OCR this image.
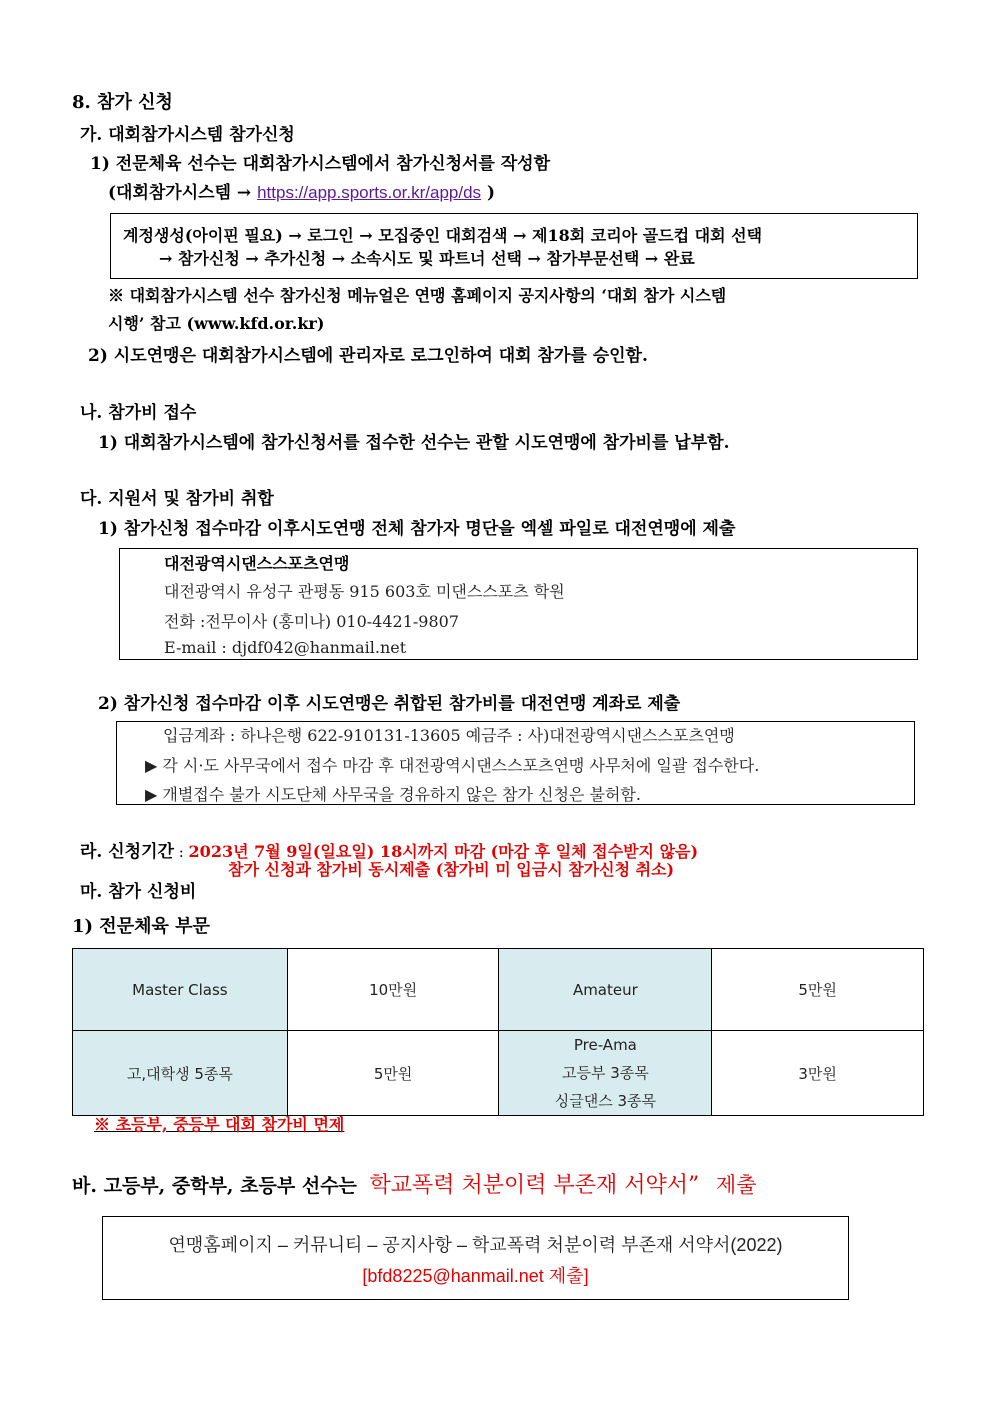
8. 참가 신청
가. 대회참가시스템 참가신청
1) 전문체육 선수는 대회참가시스템에서 참가신청서를 작성함
(대회참가시스템 → https://app.sports.or.kr/app/ds )
계정생성(아이핀 필요) → 로그인 → 모집중인 대회검색 → 제18회 코리아 골드컵 대회 선택
→ 참가신청 → 추가신청 → 소속시도 및 파트너 선택 → 참가부문선택 → 완료
※ 대회참가시스템 선수 참가신청 메뉴얼은 연맹 홈페이지 공지사항의 ‘대회 참가 시스템
시행’ 참고 (www.kfd.or.kr)
2) 시도연맹은 대회참가시스템에 관리자로 로그인하여 대회 참가를 승인함.
나. 참가비 접수
1) 대회참가시스템에 참가신청서를 접수한 선수는 관할 시도연맹에 참가비를 납부함.
다. 지원서 및 참가비 취합
1) 참가신청 접수마감 이후시도연맹 전체 참가자 명단을 엑셀 파일로 대전연맹에 제출
대전광역시댄스스포츠연맹
대전광역시 유성구 관평동 915 603호 미댄스스포츠 학원
전화 :전무이사 (홍미나) 010-4421-9807
E-mail : djdf042@hanmail.net
2) 참가신청 접수마감 이후 시도연맹은 취합된 참가비를 대전연맹 계좌로 제출
입금계좌 : 하나은행 622-910131-13605 예금주 : 사)대전광역시댄스스포츠연맹
▶ 각 시·도 사무국에서 접수 마감 후 대전광역시댄스스포츠연맹 사무처에 일괄 접수한다.
▶ 개별접수 불가 시도단체 사무국을 경유하지 않은 참가 신청은 불허함.
라. 신청기간 : 2023년 7월 9일(일요일) 18시까지 마감 (마감 후 일체 접수받지 않음)
참가 신청과 참가비 동시제출 (참가비 미 입금시 참가신청 취소)
마. 참가 신청비
1) 전문체육 부문
Master Class	10만원	Amateur	5만원
고,대학생 5종목	5만원	Pre-Ama
고등부 3종목
싱글댄스 3종목	3만원
※ 초등부, 중등부 대회 참가비 면제
바. 고등부, 중학부, 초등부 선수는 학교폭력 처분이력 부존재 서약서” 제출
연맹홈페이지 – 커뮤니티 – 공지사항 – 학교폭력 처분이력 부존재 서약서(2022)
[bfd8225@hanmail.net 제출]
